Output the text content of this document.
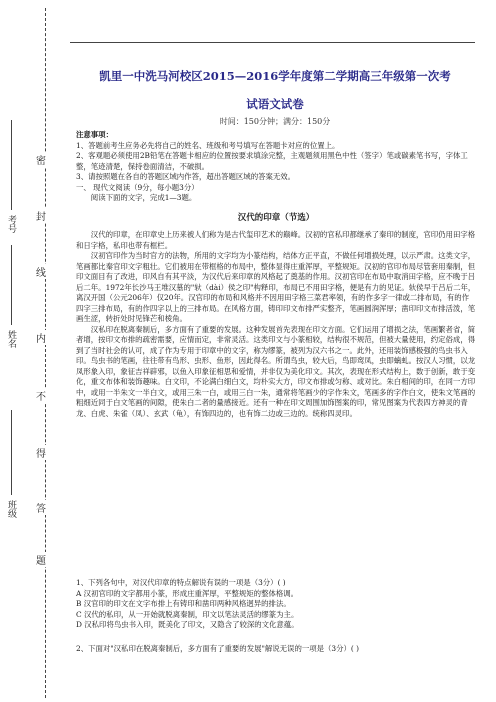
密
封
线
内
不
得
答
题
考号
姓名
班级
凯里一中洗马河校区2015—2016学年度第二学期高三年级第一次考
试语文试卷
时间：150分钟；满分：150分

注意事项：

1、答题前考生应务必先将自己的姓名、班级和考号填写在答题卡对应的位置上。

2、客观题必须使用2B铅笔在答题卡相应的位置按要求填涂完整，主观题须用黑色中性（签字）笔或碳素笔书写，字体工整，笔迹清楚，保持卷面清洁，不破损。

3、请按照题在各自的答题区域内作答，超出答题区域的答案无效。

一、 现代文阅读（9分，每小题3分）

阅读下面的文字，完成1—3题。

汉代的印章（节选）

汉代的印章，在印章史上历来被人们称为是古代玺印艺术的巅峰。汉初的官私印都继承了秦印的制度，官印仍用田字格和日字格，私印也带有框栏。

汉初官印作为当时官方的法物，所用的文字均为小篆结构，结体方正平直，不做任何增损处理，以示严肃。这类文字，笔画都比秦官印文字粗壮。它们被用在带框格的布局中，整体显得庄重浑厚，平整规矩。汉初的官印布局尽管套用秦制，但印文面目有了改进，印风自有其平淡，为汉代后来印章的风格起了奠基的作用。汉初官印在布局中取消田字格，应不晚于吕后二年。1972年长沙马王堆汉墓的"轪（dài）侯之印"构释印，布局已不用田字格，便是有力的见证。轪侯早于吕后二年，离汉开国（公元206年）仅20年。汉官印的布局和风格并不因用田字格三菜君率领，有的作多字一律或二排布局，有的作四字三排布局，有的作四字以上的三排布局。在风格方面，铸印印文布排严实整齐，笔画圆润浑厚；凿印印文布排活泼，笔画生涩，转折处时见锋芒和棱角。

汉私印在脱离秦制后，多方面有了重要的发展。这种发展首先表现在印文方面。它们运用了增损之法，笔画繁者省，简者增，按印文布排的疏密需要，应情而定，非常灵活。这类印文与小篆相较，结构很不规范，但被大量使用，约定俗成，得到了当时社会的认可，成了作为专用于印章中的文字，称为缪篆，被列为汉六书之一。此外，还用装饰感极强的鸟虫书入印。鸟虫书的笔画，往往带有鸟形、虫形、鱼形，因此得名。所谓鸟虫，较大后，鸟即鸾凤，虫即螭虬。按汉人习惯，以龙凤形象入印，象征吉祥辟邪，以鱼入印象征相思和爱情，并非仅为美化印文。其次，表现在形式结构上，数于创新，敢于变化，重文布体和装饰趣味。白文印，不论满白细白文，均朴实大方，印文布排或匀称、或对比。朱白相间的印，在同一方印中，或用一半朱文一半白文，或用三朱一白，或用三白一朱，通常将笔画少的字作朱文，笔画多的字作白文，使朱文笔画的粗细近同于白文笔画的间隙，使朱白二者的量感接近。还有一种在印文周围加饰图案的印，常见图案为代表四方神灵的青龙、白虎、朱雀（凤）、玄武（龟），有饰四边的，也有饰二边或三边的。统称四灵印。

1、下列各句中，对汉代印章的特点解说有误的一项是（3分）( )

A 汉初官印的文字都用小篆，形成庄重浑厚，平整规矩的整体格调。

B 汉官印的印文在文字布排上有铸印和凿印两种风格迥异的排法。

C 汉代的私印，从一开始就脱离秦制，印文以笔法灵活的缪篆为主。

D 汉私印将鸟虫书入印，既美化了印文，又隐含了较深的文化意蕴。

2、下面对"汉私印在脱离秦制后，多方面有了重要的发展"解说无误的一项是（3分）( )
